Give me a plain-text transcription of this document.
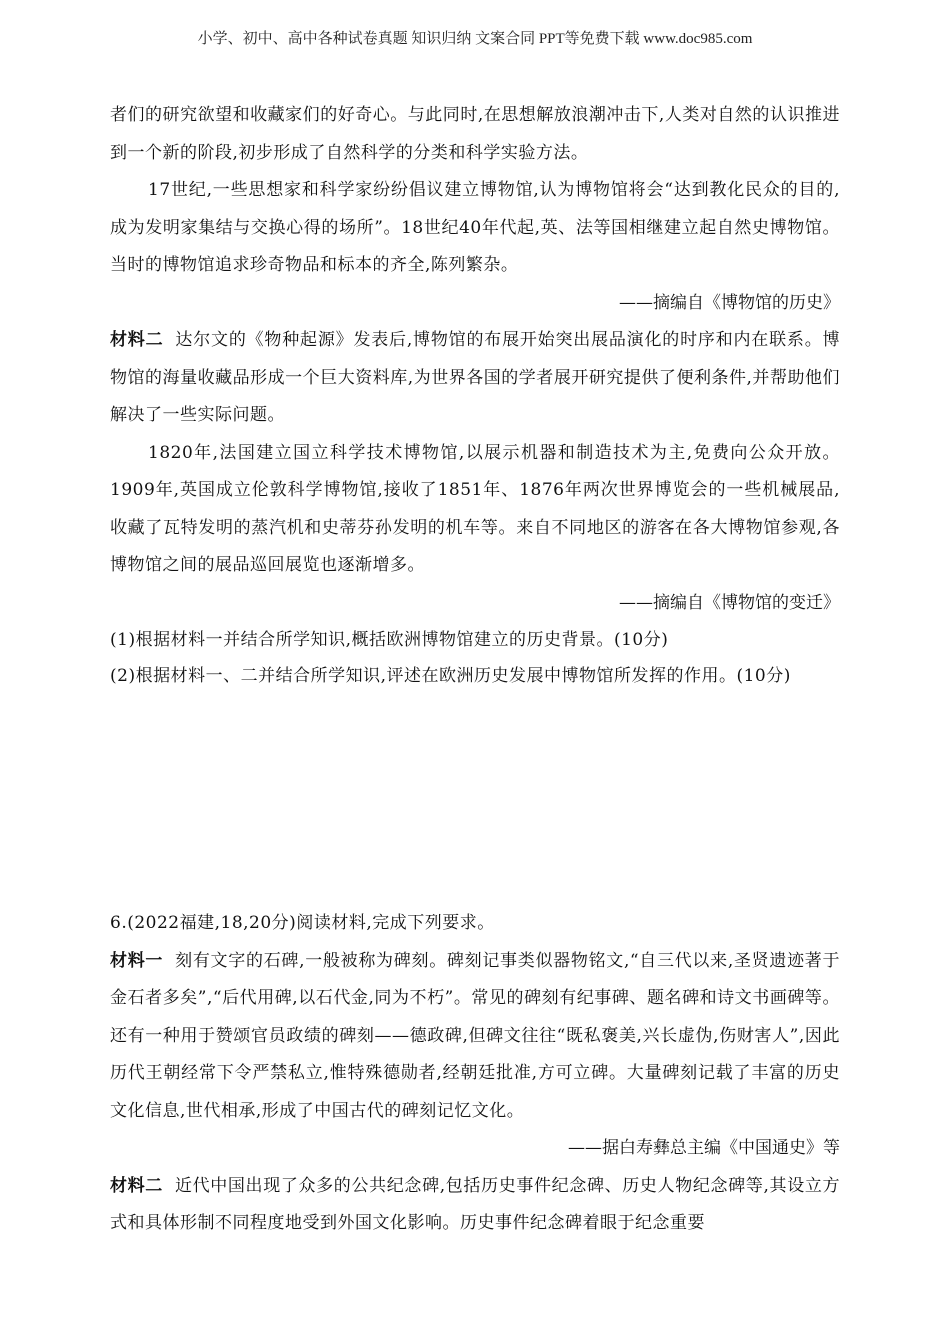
小学、初中、高中各种试卷真题 知识归纳 文案合同 PPT等免费下载 www.doc985.com

者们的研究欲望和收藏家们的好奇心。与此同时,在思想解放浪潮冲击下,人类对自然的认识推进到一个新的阶段,初步形成了自然科学的分类和科学实验方法。

17世纪,一些思想家和科学家纷纷倡议建立博物馆,认为博物馆将会“达到教化民众的目的,成为发明家集结与交换心得的场所”。18世纪40年代起,英、法等国相继建立起自然史博物馆。当时的博物馆追求珍奇物品和标本的齐全,陈列繁杂。

——摘编自《博物馆的历史》

材料二 达尔文的《物种起源》发表后,博物馆的布展开始突出展品演化的时序和内在联系。博物馆的海量收藏品形成一个巨大资料库,为世界各国的学者展开研究提供了便利条件,并帮助他们解决了一些实际问题。

1820年,法国建立国立科学技术博物馆,以展示机器和制造技术为主,免费向公众开放。1909年,英国成立伦敦科学博物馆,接收了1851年、1876年两次世界博览会的一些机械展品,收藏了瓦特发明的蒸汽机和史蒂芬孙发明的机车等。来自不同地区的游客在各大博物馆参观,各博物馆之间的展品巡回展览也逐渐增多。

——摘编自《博物馆的变迁》

(1)根据材料一并结合所学知识,概括欧洲博物馆建立的历史背景。(10分)

(2)根据材料一、二并结合所学知识,评述在欧洲历史发展中博物馆所发挥的作用。(10分)

6.(2022福建,18,20分)阅读材料,完成下列要求。

材料一 刻有文字的石碑,一般被称为碑刻。碑刻记事类似器物铭文,“自三代以来,圣贤遗迹著于金石者多矣”,“后代用碑,以石代金,同为不朽”。常见的碑刻有纪事碑、题名碑和诗文书画碑等。还有一种用于赞颂官员政绩的碑刻——德政碑,但碑文往往“既私褒美,兴长虚伪,伤财害人”,因此历代王朝经常下令严禁私立,惟特殊德勋者,经朝廷批准,方可立碑。大量碑刻记载了丰富的历史文化信息,世代相承,形成了中国古代的碑刻记忆文化。

——据白寿彝总主编《中国通史》等

材料二 近代中国出现了众多的公共纪念碑,包括历史事件纪念碑、历史人物纪念碑等,其设立方式和具体形制不同程度地受到外国文化影响。历史事件纪念碑着眼于纪念重要
